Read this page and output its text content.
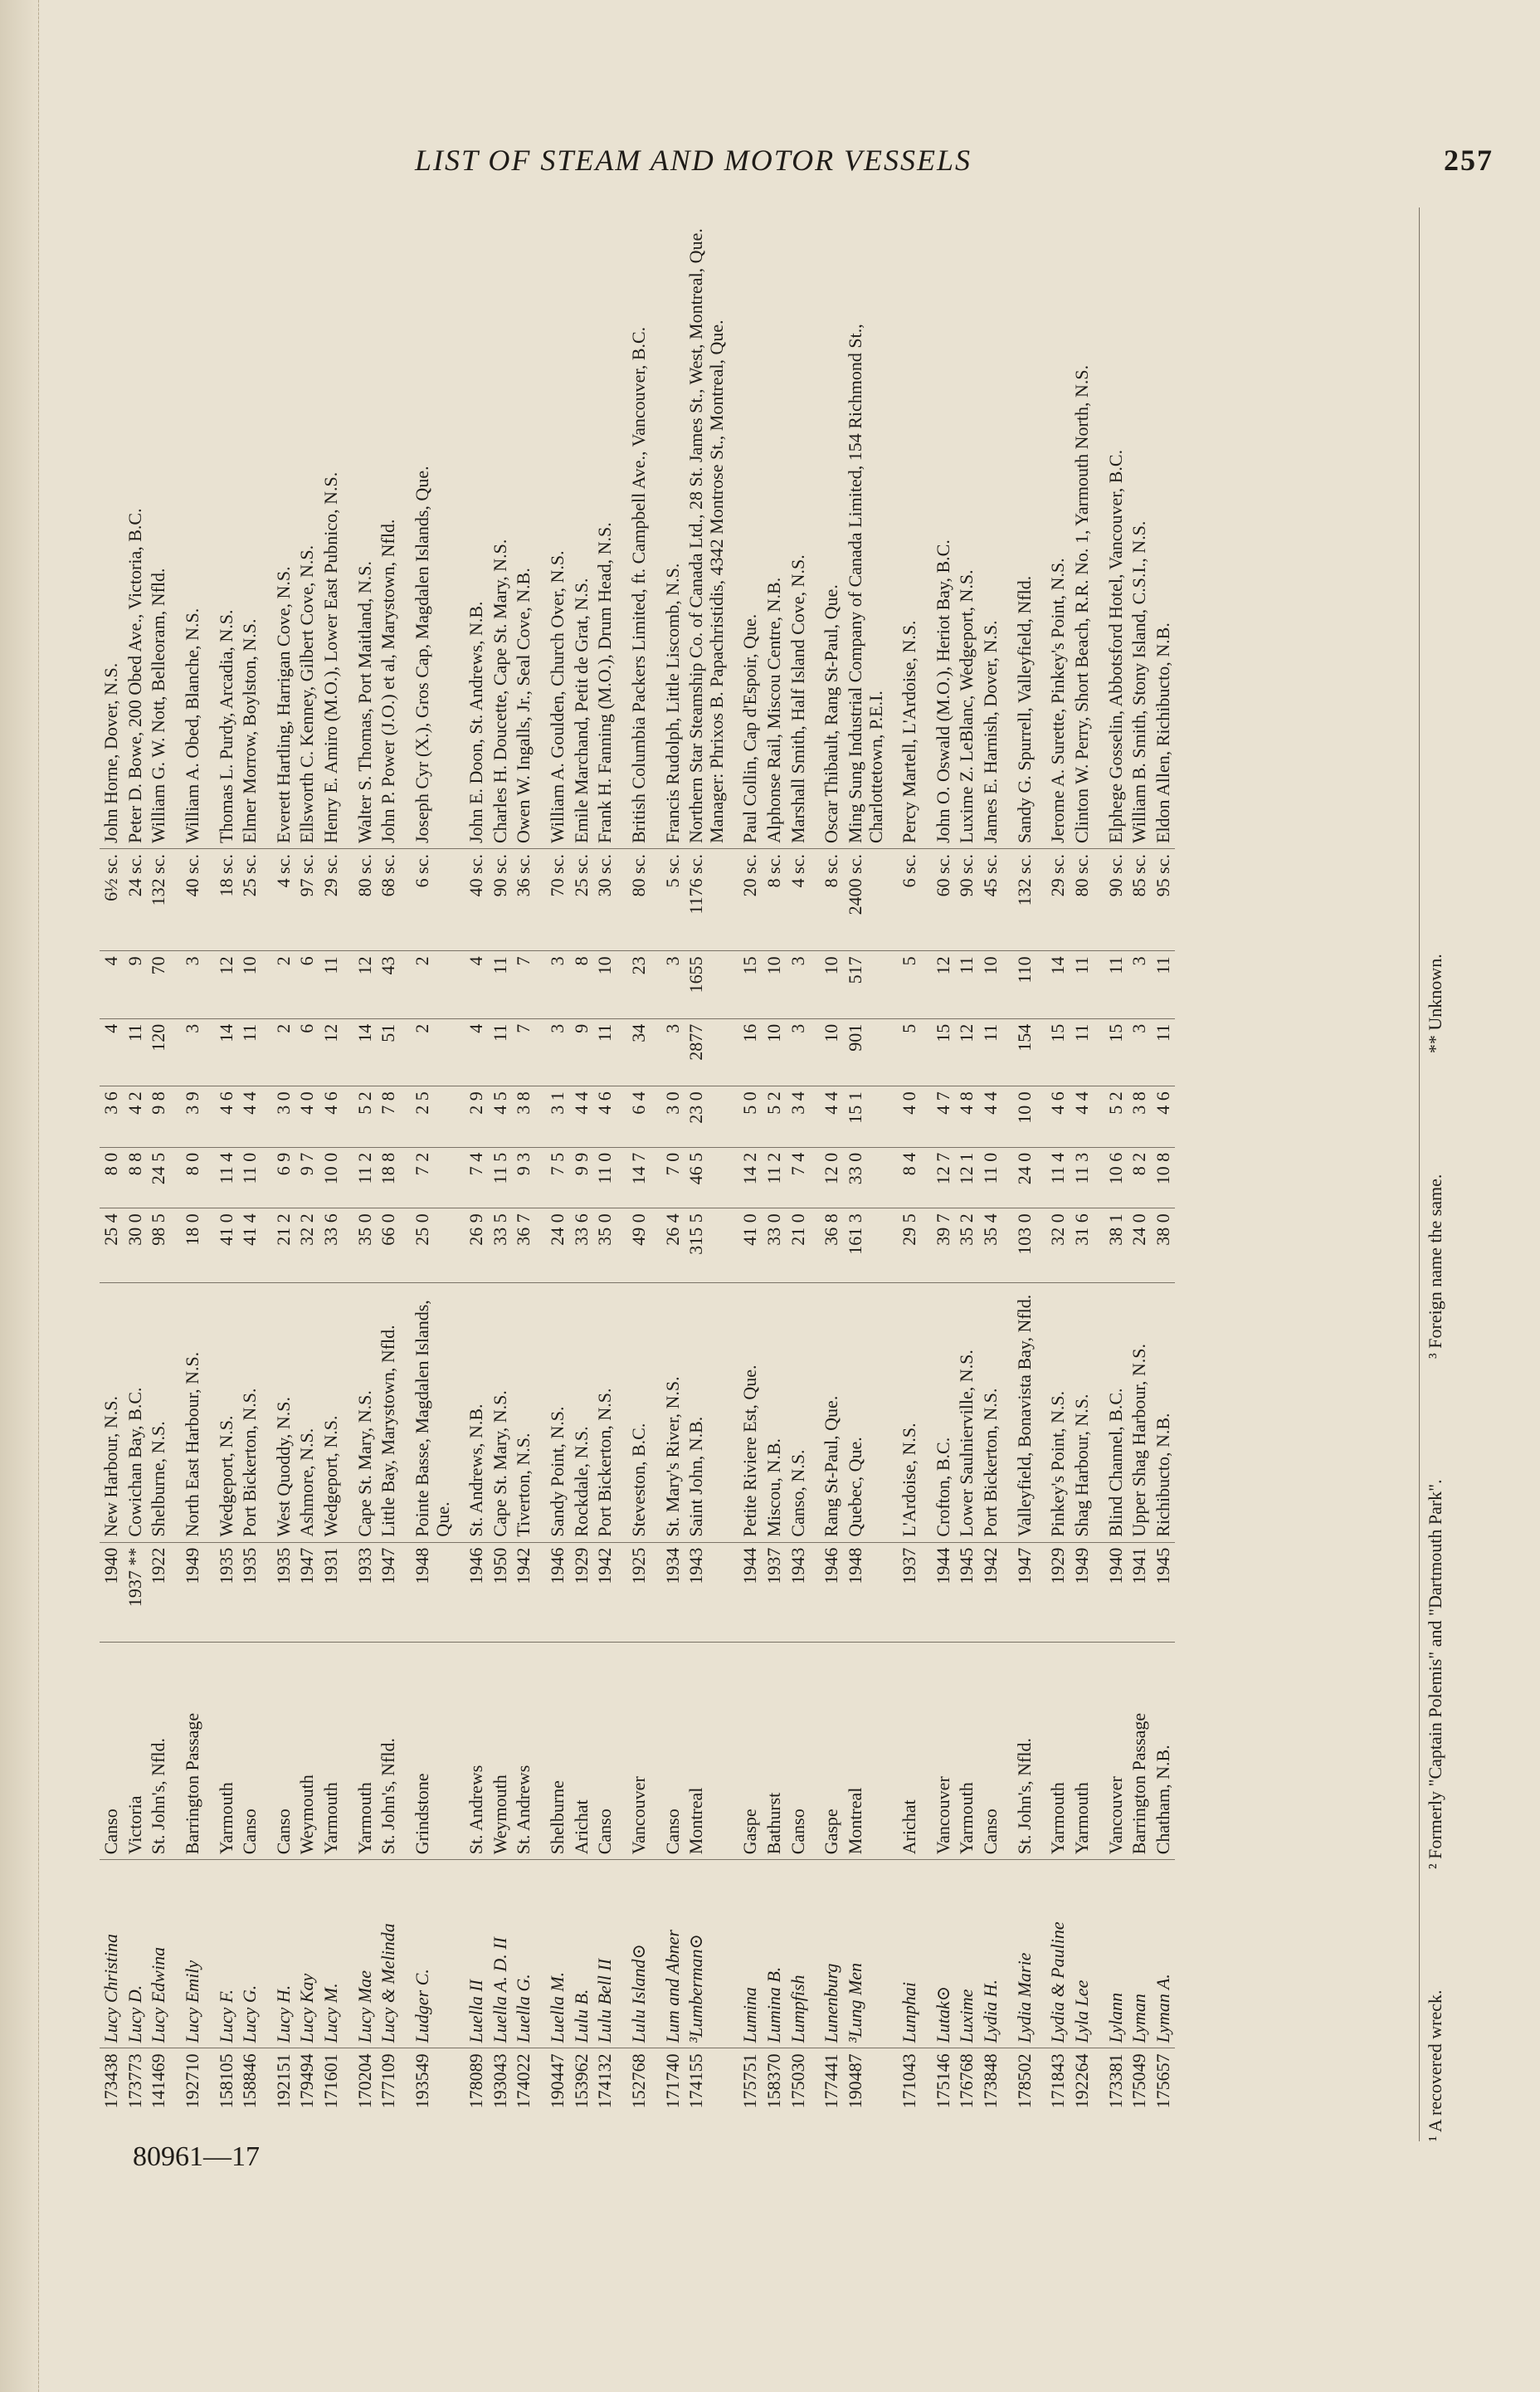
LIST OF STEAM AND MOTOR VESSELS	257
173438	Lucy Christina	Canso	1940	New Harbour, N.S.	25 4	8 0	3 6	4	4	6½ sc.	John Horne, Dover, N.S.
173773	Lucy D.	Victoria	1937 **	Cowichan Bay, B.C.	30 0	8 8	4 2	11	9	24 sc.	Peter D. Bowe, 200 Obed Ave., Victoria, B.C.
141469	Lucy Edwina	St. John's, Nfld.	1922	Shelburne, N.S.	98 5	24 5	9 8	120	70	132 sc.	William G. W. Nott, Belleoram, Nfld.
192710	Lucy Emily	Barrington Passage	1949	North East Harbour, N.S.	18 0	8 0	3 9	3	3	40 sc.	William A. Obed, Blanche, N.S.
158105	Lucy F.	Yarmouth	1935	Wedgeport, N.S.	41 0	11 4	4 6	14	12	18 sc.	Thomas L. Purdy, Arcadia, N.S.
158846	Lucy G.	Canso	1935	Port Bickerton, N.S.	41 4	11 0	4 4	11	10	25 sc.	Elmer Morrow, Boylston, N.S.
192151	Lucy H.	Canso	1935	West Quoddy, N.S.	21 2	6 9	3 0	2	2	4 sc.	Everett Hartling, Harrigan Cove, N.S.
179494	Lucy Kay	Weymouth	1947	Ashmore, N.S.	32 2	9 7	4 0	6	6	97 sc.	Ellsworth C. Kenney, Gilbert Cove, N.S.
171601	Lucy M.	Yarmouth	1931	Wedgeport, N.S.	33 6	10 0	4 6	12	11	29 sc.	Henry E. Amiro (M.O.), Lower East Pubnico, N.S.
170204	Lucy Mae	Yarmouth	1933	Cape St. Mary, N.S.	35 0	11 2	5 2	14	12	80 sc.	Walter S. Thomas, Port Maitland, N.S.
177109	Lucy & Melinda	St. John's, Nfld.	1947	Little Bay, Marystown, Nfld.	66 0	18 8	7 8	51	43	68 sc.	John P. Power (J.O.) et al, Marystown, Nfld.
193549	Ludger C.	Grindstone	1948	Pointe Basse, Magdalen Islands, Que.	25 0	7 2	2 5	2	2	6 sc.	Joseph Cyr (X.), Gros Cap, Magdalen Islands, Que.
178089	Luella II	St. Andrews	1946	St. Andrews, N.B.	26 9	7 4	2 9	4	4	40 sc.	John E. Doon, St. Andrews, N.B.
193043	Luella A. D. II	Weymouth	1950	Cape St. Mary, N.S.	33 5	11 5	4 5	11	11	90 sc.	Charles H. Doucette, Cape St. Mary, N.S.
174022	Luella G.	St. Andrews	1942	Tiverton, N.S.	36 7	9 3	3 8	7	7	36 sc.	Owen W. Ingalls, Jr., Seal Cove, N.B.
190447	Luella M.	Shelburne	1946	Sandy Point, N.S.	24 0	7 5	3 1	3	3	70 sc.	William A. Goulden, Church Over, N.S.
153962	Lulu B.	Arichat	1929	Rockdale, N.S.	33 6	9 9	4 4	9	8	25 sc.	Emile Marchand, Petit de Grat, N.S.
174132	Lulu Bell II	Canso	1942	Port Bickerton, N.S.	35 0	11 0	4 6	11	10	30 sc.	Frank H. Fanning (M.O.), Drum Head, N.S.
152768	Lulu Island⊙	Vancouver	1925	Steveston, B.C.	49 0	14 7	6 4	34	23	80 sc.	British Columbia Packers Limited, ft. Campbell Ave., Vancouver, B.C.
171740	Lum and Abner	Canso	1934	St. Mary's River, N.S.	26 4	7 0	3 0	3	3	5 sc.	Francis Rudolph, Little Liscomb, N.S.
174155	³Lumberman⊙	Montreal	1943	Saint John, N.B.	315 5	46 5	23 0	2877	1655	1176 sc.	Northern Star Steamship Co. of Canada Ltd., 28 St. James St., West, Montreal, Que. Manager: Phrixos B. Papachristidis, 4342 Montrose St., Montreal, Que.
175751	Lumina	Gaspe	1944	Petite Riviere Est, Que.	41 0	14 2	5 0	16	15	20 sc.	Paul Collin, Cap d'Espoir, Que.
158370	Lumina B.	Bathurst	1937	Miscou, N.B.	33 0	11 2	5 2	10	10	8 sc.	Alphonse Rail, Miscou Centre, N.B.
175030	Lumpfish	Canso	1943	Canso, N.S.	21 0	7 4	3 4	3	3	4 sc.	Marshall Smith, Half Island Cove, N.S.
177441	Lunenburg	Gaspe	1946	Rang St-Paul, Que.	36 8	12 0	4 4	10	10	8 sc.	Oscar Thibault, Rang St-Paul, Que.
190487	³Lung Men	Montreal	1948	Quebec, Que.	161 3	33 0	15 1	901	517	2400 sc.	Ming Sung Industrial Company of Canada Limited, 154 Richmond St., Charlottetown, P.E.I.
171043	Lunphai	Arichat	1937	L'Ardoise, N.S.	29 5	8 4	4 0	5	5	6 sc.	Percy Martell, L'Ardoise, N.S.
175146	Lutak⊙	Vancouver	1944	Crofton, B.C.	39 7	12 7	4 7	15	12	60 sc.	John O. Oswald (M.O.), Heriot Bay, B.C.
176768	Luxime	Yarmouth	1945	Lower Saulnierville, N.S.	35 2	12 1	4 8	12	11	90 sc.	Luxime Z. LeBlanc, Wedgeport, N.S.
173848	Lydia H.	Canso	1942	Port Bickerton, N.S.	35 4	11 0	4 4	11	10	45 sc.	James E. Harnish, Dover, N.S.
178502	Lydia Marie	St. John's, Nfld.	1947	Valleyfield, Bonavista Bay, Nfld.	103 0	24 0	10 0	154	110	132 sc.	Sandy G. Spurrell, Valleyfield, Nfld.
171843	Lydia & Pauline	Yarmouth	1929	Pinkey's Point, N.S.	32 0	11 4	4 6	15	14	29 sc.	Jerome A. Surette, Pinkey's Point, N.S.
192264	Lyla Lee	Yarmouth	1949	Shag Harbour, N.S.	31 6	11 3	4 4	11	11	80 sc.	Clinton W. Perry, Short Beach, R.R. No. 1, Yarmouth North, N.S.
173381	Lylann	Vancouver	1940	Blind Channel, B.C.	38 1	10 6	5 2	15	11	90 sc.	Elphege Gosselin, Abbotsford Hotel, Vancouver, B.C.
175049	Lyman	Barrington Passage	1941	Upper Shag Harbour, N.S.	24 0	8 2	3 8	3	3	85 sc.	William B. Smith, Stony Island, C.S.I., N.S.
175657	Lyman A.	Chatham, N.B.	1945	Richibucto, N.B.	38 0	10 8	4 6	11	11	95 sc.	Eldon Allen, Richibucto, N.B.
¹ A recovered wreck. ² Formerly "Captain Polemis" and "Dartmouth Park". ³ Foreign name the same. ** Unknown.
80961—17
